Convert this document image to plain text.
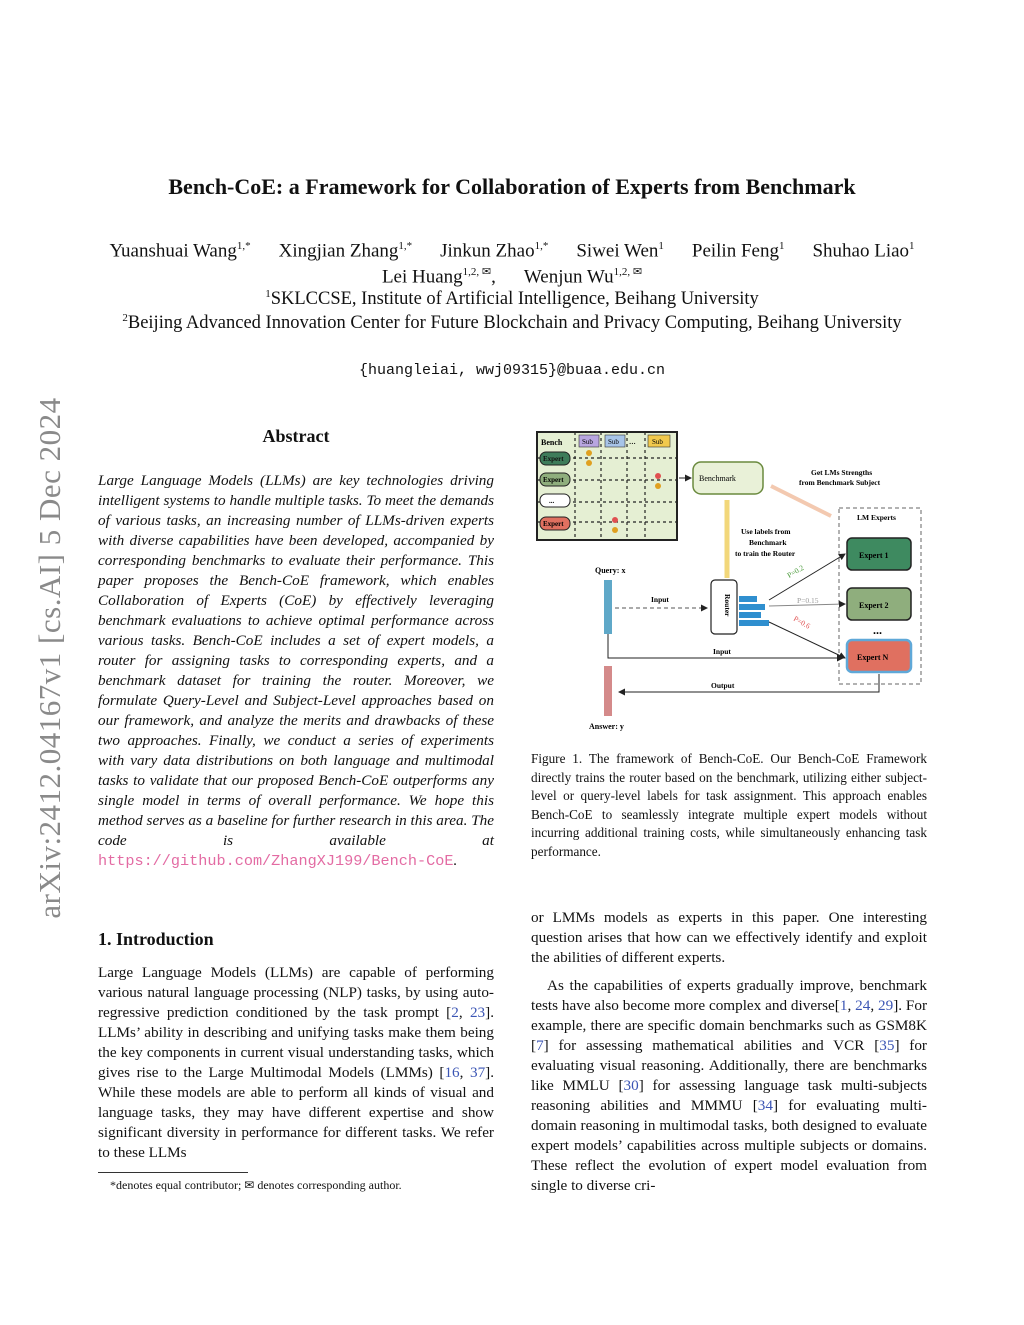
arXiv:2412.04167v1 [cs.AI] 5 Dec 2024
Bench-CoE: a Framework for Collaboration of Experts from Benchmark
Yuanshuai Wang$^{1,*}$ Xingjian Zhang$^{1,*}$ Jinkun Zhao$^{1,*}$ Siwei Wen$^1$ Peilin Feng$^1$ Shuhao Liao$^1$
Lei Huang$^{1,2, ✉}$, Wenjun $Wu^{1,2, ✉}$
$^1$SKLCCSE, Institute of Artificial Intelligence, Beihang University
$^2$Beijing Advanced Innovation Center for Future Blockchain and Privacy Computing, Beihang University
{huangleiai, wwj09315}@buaa.edu.cn
Abstract
Large Language Models (LLMs) are key technologies driving intelligent systems to handle multiple tasks. To meet the demands of various tasks, an increasing number of LLMs-driven experts with diverse capabilities have been developed, accompanied by corresponding benchmarks to evaluate their performance. This paper proposes the Bench-CoE framework, which enables Collaboration of Experts (CoE) by effectively leveraging benchmark evaluations to achieve optimal performance across various tasks. Bench-CoE includes a set of expert models, a router for assigning tasks to corresponding experts, and a benchmark dataset for training the router. Moreover, we formulate Query-Level and Subject-Level approaches based on our framework, and analyze the merits and drawbacks of these two approaches. Finally, we conduct a series of experiments with vary data distributions on both language and multimodal tasks to validate that our proposed Bench-CoE outperforms any single model in terms of overall performance. We hope this method serves as a baseline for further research in this area. The code is available at https://github.com/ZhangXJ199/Bench-CoE.
1. Introduction

Large Language Models (LLMs) are capable of performing various natural language processing (NLP) tasks, by using auto-regressive prediction conditioned by the task prompt [2, 23]. LLMs’ ability in describing and unifying tasks make them being the key components in current visual understanding tasks, which gives rise to the Large Multimodal Models (LMMs) [16, 37]. While these models are able to perform all kinds of visual and language tasks, they may have different expertise and show significant diversity in performance for different tasks. We refer to these LLMs

*denotes equal contributor; ✉ denotes corresponding author.
Bench	Sub Sub ... Sub
Expert
Expert
...
Expert
Benchmark
Get LMs Strengths
from Benchmark Subject
LM Experts
Use labels from
Benchmark
to train the Router
Query: x
Input	Router
P=0.2
P=0.15
P=0.6
Expert 1
Expert 2
...
Expert N
Input
Output
Answer: y
Figure 1. The framework of Bench-CoE. Our Bench-CoE Framework directly trains the router based on the benchmark, utilizing either subject-level or query-level labels for task assignment. This approach enables Bench-CoE to seamlessly integrate multiple expert models without incurring additional training costs, while simultaneously enhancing task performance.

or LMMs models as experts in this paper. One interesting question arises that how can we effectively identify and exploit the abilities of different experts.

As the capabilities of experts gradually improve, benchmark tests have also become more complex and diverse[1, 24, 29]. For example, there are specific domain benchmarks such as GSM8K [7] for assessing mathematical abilities and VCR [35] for evaluating visual reasoning. Additionally, there are benchmarks like MMLU [30] for assessing language task multi-subjects reasoning abilities and MMMU [34] for evaluating multi-domain reasoning in multimodal tasks, both designed to evaluate expert models’ capabilities across multiple subjects or domains. These reflect the evolution of expert model evaluation from single to diverse cri-
